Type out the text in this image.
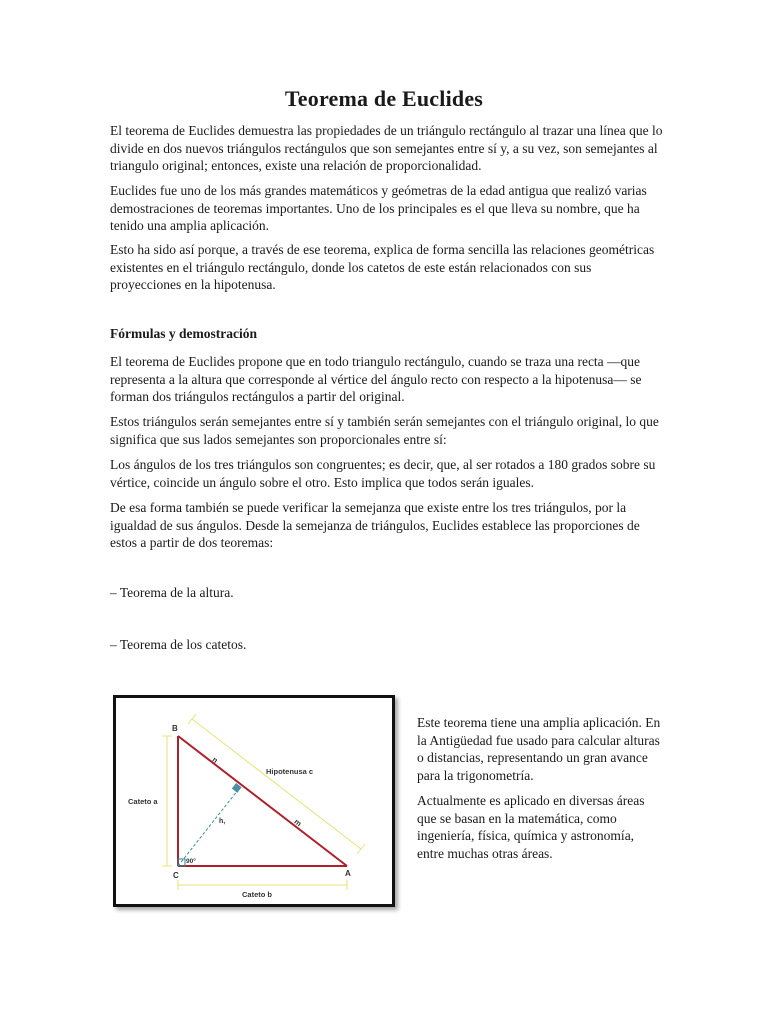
Teorema de Euclides

El teorema de Euclides demuestra las propiedades de un triángulo rectángulo al trazar una línea que lo divide en dos nuevos triángulos rectángulos que son semejantes entre sí y, a su vez, son semejantes al triangulo original; entonces, existe una relación de proporcionalidad.

Euclides fue uno de los más grandes matemáticos y geómetras de la edad antigua que realizó varias demostraciones de teoremas importantes. Uno de los principales es el que lleva su nombre, que ha tenido una amplia aplicación.

Esto ha sido así porque, a través de ese teorema, explica de forma sencilla las relaciones geométricas existentes en el triángulo rectángulo, donde los catetos de este están relacionados con sus proyecciones en la hipotenusa.

Fórmulas y demostración

El teorema de Euclides propone que en todo triangulo rectángulo, cuando se traza una recta —que representa a la altura que corresponde al vértice del ángulo recto con respecto a la hipotenusa— se forman dos triángulos rectángulos a partir del original.

Estos triángulos serán semejantes entre sí y también serán semejantes con el triángulo original, lo que significa que sus lados semejantes son proporcionales entre sí:

Los ángulos de los tres triángulos son congruentes; es decir, que, al ser rotados a 180 grados sobre su vértice, coincide un ángulo sobre el otro. Esto implica que todos serán iguales.

De esa forma también se puede verificar la semejanza que existe entre los tres triángulos, por la igualdad de sus ángulos. Desde la semejanza de triángulos, Euclides establece las proporciones de estos a partir de dos teoremas:

– Teorema de la altura.

– Teorema de los catetos.

B
C	A
Cateto a
Cateto b
Hipotenusa c
n
m
h,
90°

Este teorema tiene una amplia aplicación. En la Antigüedad fue usado para calcular alturas o distancias, representando un gran avance para la trigonometría.

Actualmente es aplicado en diversas áreas que se basan en la matemática, como ingeniería, física, química y astronomía, entre muchas otras áreas.
